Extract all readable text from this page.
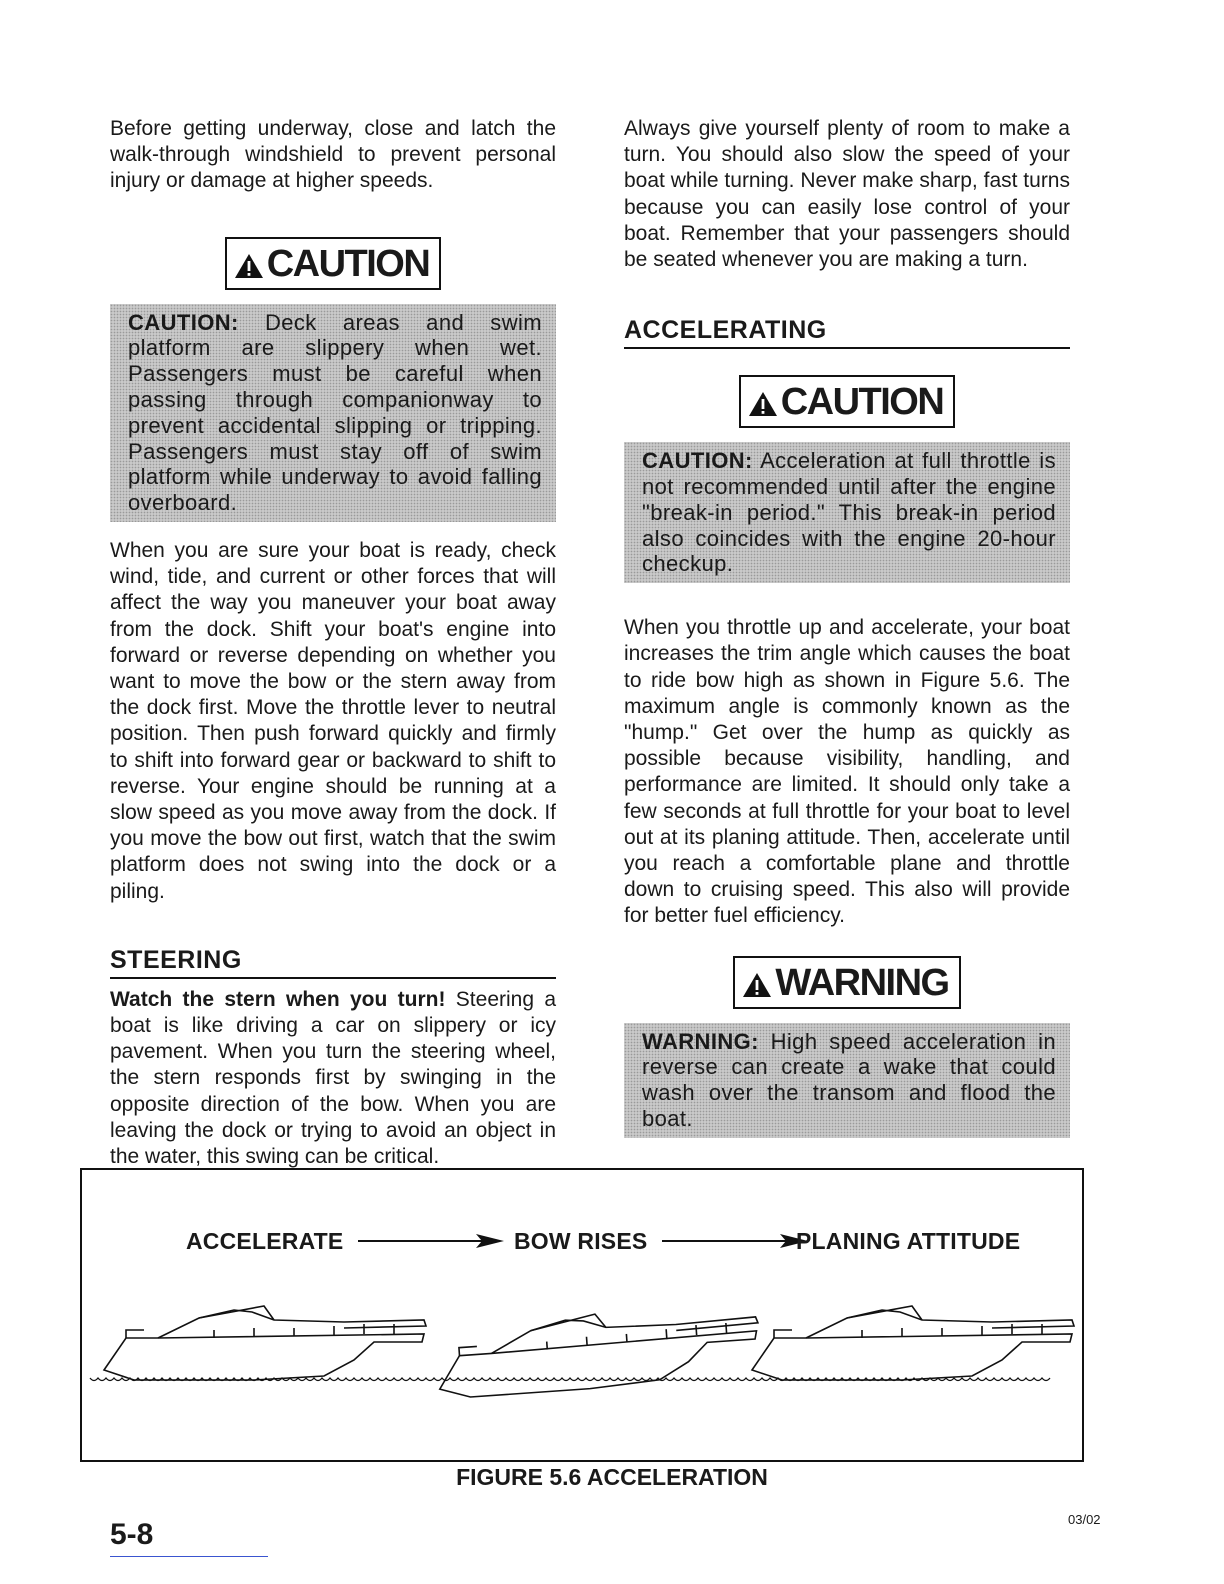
Before getting underway, close and latch the walk-through windshield to prevent personal injury or damage at higher speeds.

CAUTION
CAUTION: Deck areas and swim platform are slippery when wet. Passengers must be careful when passing through companionway to prevent accidental slipping or tripping. Passengers must stay off of swim platform while underway to avoid falling overboard.

When you are sure your boat is ready, check wind, tide, and current or other forces that will affect the way you maneuver your boat away from the dock. Shift your boat's engine into forward or reverse depending on whether you want to move the bow or the stern away from the dock first. Move the throttle lever to neutral position. Then push forward quickly and firmly to shift into forward gear or backward to shift to reverse. Your engine should be running at a slow speed as you move away from the dock. If you move the bow out first, watch that the swim platform does not swing into the dock or a piling.

STEERING

Watch the stern when you turn! Steering a boat is like driving a car on slippery or icy pavement. When you turn the steering wheel, the stern responds first by swinging in the opposite direction of the bow. When you are leaving the dock or trying to avoid an object in the water, this swing can be critical.

Always give yourself plenty of room to make a turn. You should also slow the speed of your boat while turning. Never make sharp, fast turns because you can easily lose control of your boat. Remember that your passengers should be seated whenever you are making a turn.

ACCELERATING
CAUTION
CAUTION: Acceleration at full throttle is not recommended until after the engine "break-in period." This break-in period also coincides with the engine 20-hour checkup.

When you throttle up and accelerate, your boat increases the trim angle which causes the boat to ride bow high as shown in Figure 5.6. The maximum angle is commonly known as the "hump." Get over the hump as quickly as possible because visibility, handling, and performance are limited. It should only take a few seconds at full throttle for your boat to level out at its planing attitude. Then, accelerate until you reach a comfortable plane and throttle down to cruising speed. This also will provide for better fuel efficiency.

WARNING
WARNING: High speed acceleration in reverse can create a wake that could wash over the transom and flood the boat.
ACCELERATE	BOW RISES	PLANING ATTITUDE
FIGURE 5.6 ACCELERATION
5-8	03/02
